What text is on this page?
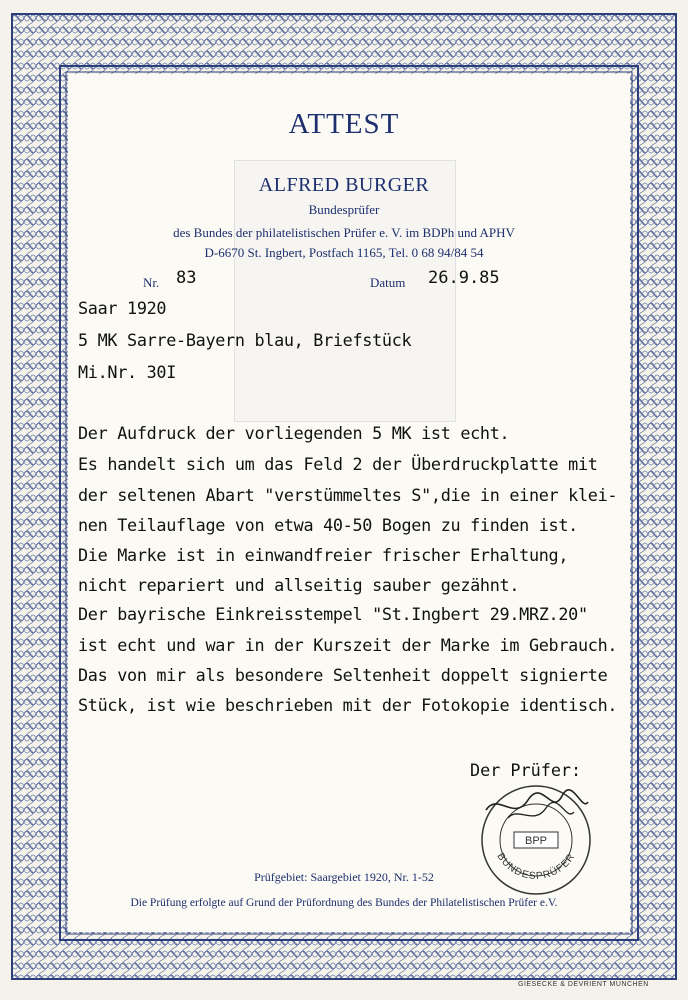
ATTEST
ALFRED BURGER
Bundesprüfer
des Bundes der philatelistischen Prüfer e. V. im BDPh und APHV
D-6670 St. Ingbert, Postfach 1165, Tel. 0 68 94/84 54
Nr. 83	Datum 26.9.85
Saar 1920
5 MK Sarre-Bayern blau, Briefstück
Mi.Nr. 30I
Der Aufdruck der vorliegenden 5 MK ist echt.
Es handelt sich um das Feld 2 der Überdruckplatte mit
der seltenen Abart "verstümmeltes S",die in einer klei-
nen Teilauflage von etwa 40-50 Bogen zu finden ist.
Die Marke ist in einwandfreier frischer Erhaltung,
nicht repariert und allseitig sauber gezähnt.
Der bayrische Einkreisstempel "St.Ingbert 29.MRZ.20"
ist echt und war in der Kurszeit der Marke im Gebrauch.
Das von mir als besondere Seltenheit doppelt signierte
Stück, ist wie beschrieben mit der Fotokopie identisch.
Der Prüfer:
BPP
BUNDESPRÜFER
Prüfgebiet: Saargebiet 1920, Nr. 1-52
Die Prüfung erfolgte auf Grund der Prüfordnung des Bundes der Philatelistischen Prüfer e.V.
GIESECKE & DEVRIENT MÜNCHEN
